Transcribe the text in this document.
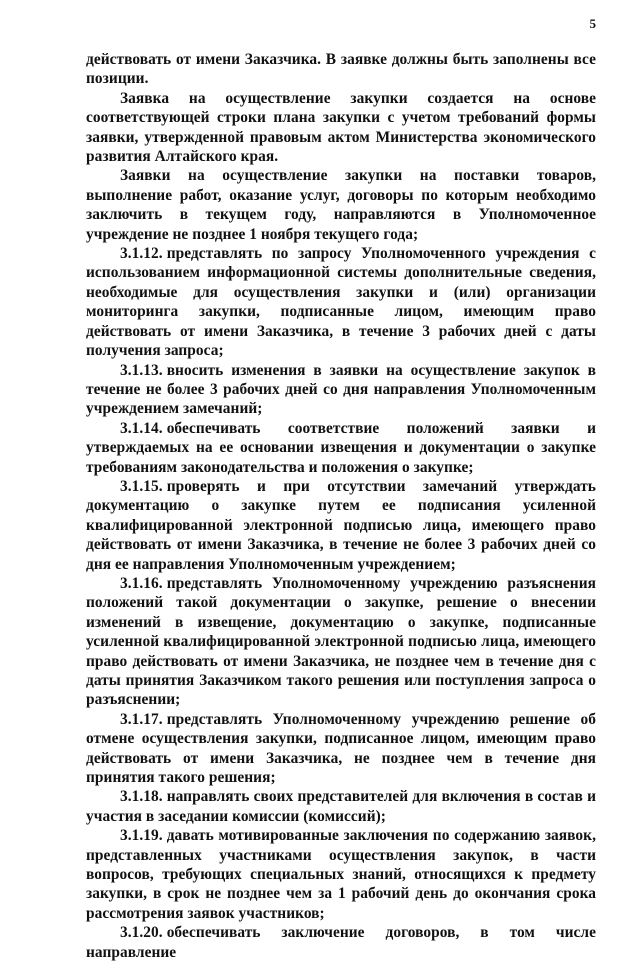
5

действовать от имени Заказчика. В заявке должны быть заполнены все позиции.

Заявка на осуществление закупки создается на основе соответствующей строки плана закупки с учетом требований формы заявки, утвержденной правовым актом Министерства экономического развития Алтайского края.

Заявки на осуществление закупки на поставки товаров, выполнение работ, оказание услуг, договоры по которым необходимо заключить в текущем году, направляются в Уполномоченное учреждение не позднее 1 ноября текущего года;

3.1.12. представлять по запросу Уполномоченного учреждения с использованием информационной системы дополнительные сведения, необходимые для осуществления закупки и (или) организации мониторинга закупки, подписанные лицом, имеющим право действовать от имени Заказчика, в течение 3 рабочих дней с даты получения запроса;

3.1.13. вносить изменения в заявки на осуществление закупок в течение не более 3 рабочих дней со дня направления Уполномоченным учреждением замечаний;

3.1.14. обеспечивать соответствие положений заявки и утверждаемых на ее основании извещения и документации о закупке требованиям законодательства и положения о закупке;

3.1.15. проверять и при отсутствии замечаний утверждать документацию о закупке путем ее подписания усиленной квалифицированной электронной подписью лица, имеющего право действовать от имени Заказчика, в течение не более 3 рабочих дней со дня ее направления Уполномоченным учреждением;

3.1.16. представлять Уполномоченному учреждению разъяснения положений такой документации о закупке, решение о внесении изменений в извещение, документацию о закупке, подписанные усиленной квалифицированной электронной подписью лица, имеющего право действовать от имени Заказчика, не позднее чем в течение дня с даты принятия Заказчиком такого решения или поступления запроса о разъяснении;

3.1.17. представлять Уполномоченному учреждению решение об отмене осуществления закупки, подписанное лицом, имеющим право действовать от имени Заказчика, не позднее чем в течение дня принятия такого решения;

3.1.18. направлять своих представителей для включения в состав и участия в заседании комиссии (комиссий);

3.1.19. давать мотивированные заключения по содержанию заявок, представленных участниками осуществления закупок, в части вопросов, требующих специальных знаний, относящихся к предмету закупки, в срок не позднее чем за 1 рабочий день до окончания срока рассмотрения заявок участников;

3.1.20. обеспечивать заключение договоров, в том числе направление
